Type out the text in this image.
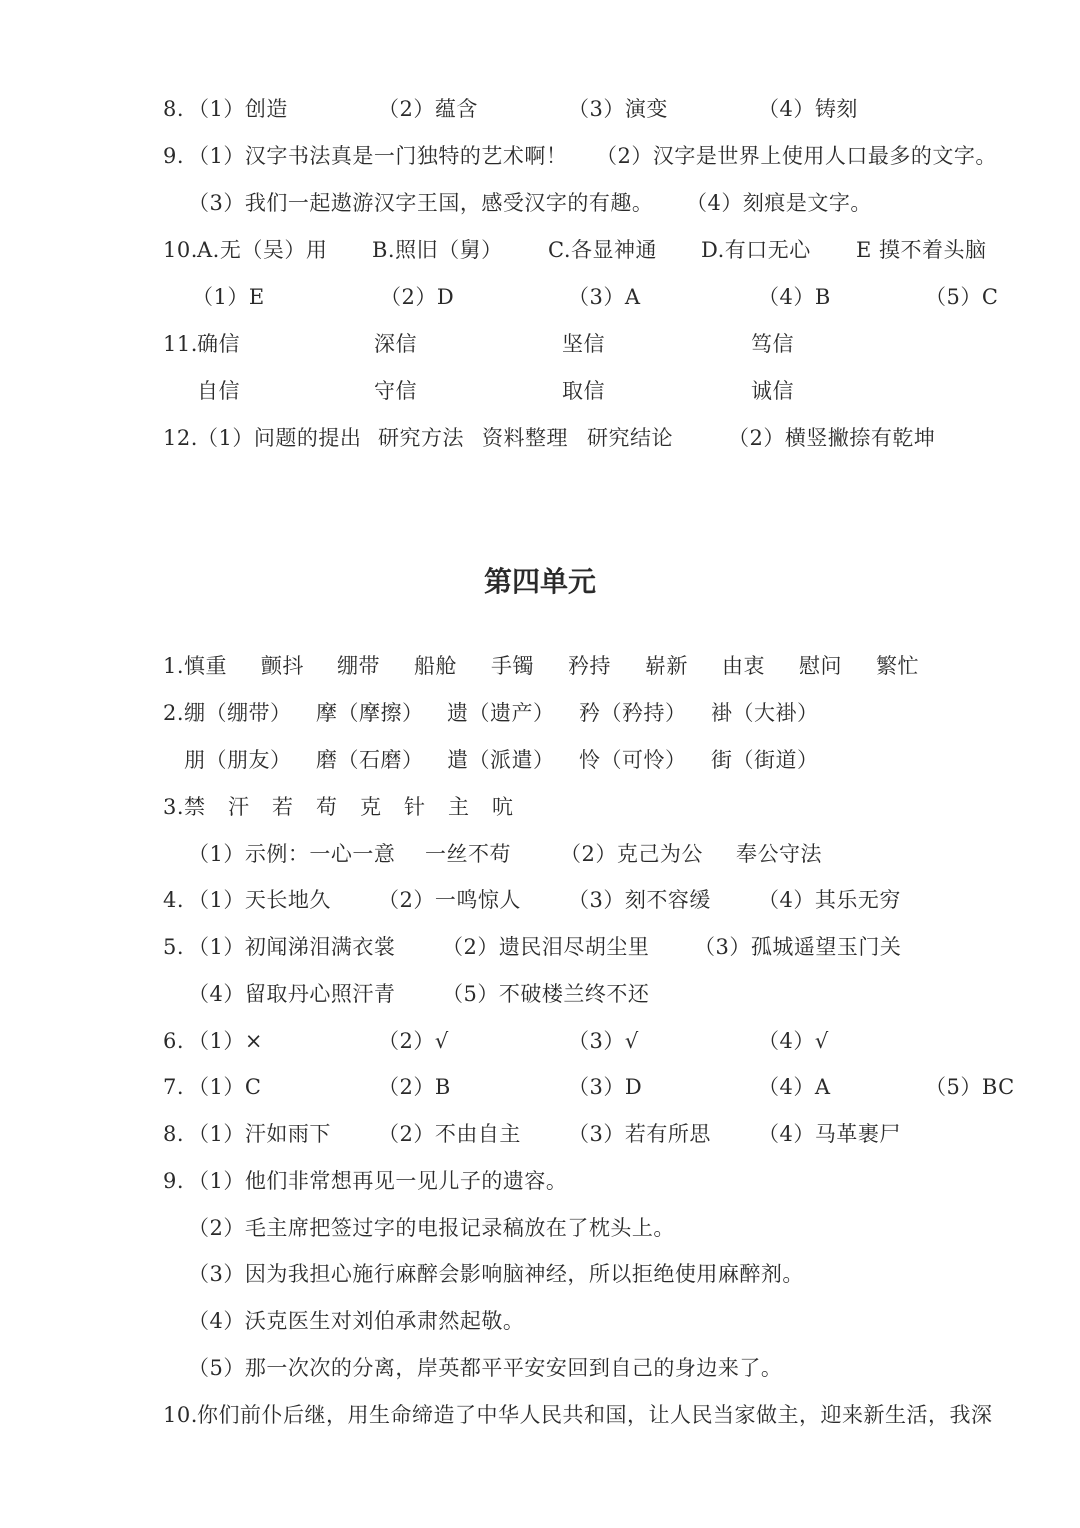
8. （1）创造	（2）蕴含	（3）演变	（4）铸刻
9. （1）汉字书法真是一门独特的艺术啊！ （2）汉字是世界上使用人口最多的文字。
（3）我们一起遨游汉字王国，感受汉字的有趣。 （4）刻痕是文字。
10. A.无（吴）用 B.照旧（舅） C.各显神通 D.有口无心 E 摸不着头脑
（1）E	（2）D	（3）A	（4）B	（5）C
11. 确信	深信	坚信	笃信
自信	守信	取信	诚信
12. （1）问题的提出 研究方法 资料整理 研究结论	（2）横竖撇捺有乾坤
第四单元
1. 慎重 颤抖 绷带 船舱 手镯 矜持 崭新 由衷 慰问 繁忙
2. 绷（绷带） 摩（摩擦） 遗（遗产） 矜（矜持） 褂（大褂）
朋（朋友） 磨（石磨） 遣（派遣） 怜（可怜） 街（街道）
3. 禁 汗 若 苟 克 针 主 吭
（1）示例：一心一意 一丝不苟 （2）克己为公 奉公守法
4. （1）天长地久 （2）一鸣惊人 （3）刻不容缓 （4）其乐无穷
5. （1）初闻涕泪满衣裳 （2）遗民泪尽胡尘里 （3）孤城遥望玉门关
（4）留取丹心照汗青 （5）不破楼兰终不还
6. （1）×	（2）√	（3）√	（4）√
7. （1）C	（2）B	（3）D	（4）A	（5）BC
8. （1）汗如雨下 （2）不由自主 （3）若有所思 （4）马革裹尸
9. （1）他们非常想再见一见儿子的遗容。
（2）毛主席把签过字的电报记录稿放在了枕头上。
（3）因为我担心施行麻醉会影响脑神经，所以拒绝使用麻醉剂。
（4）沃克医生对刘伯承肃然起敬。
（5）那一次次的分离，岸英都平平安安回到自己的身边来了。
10. 你们前仆后继，用生命缔造了中华人民共和国，让人民当家做主，迎来新生活，我深
